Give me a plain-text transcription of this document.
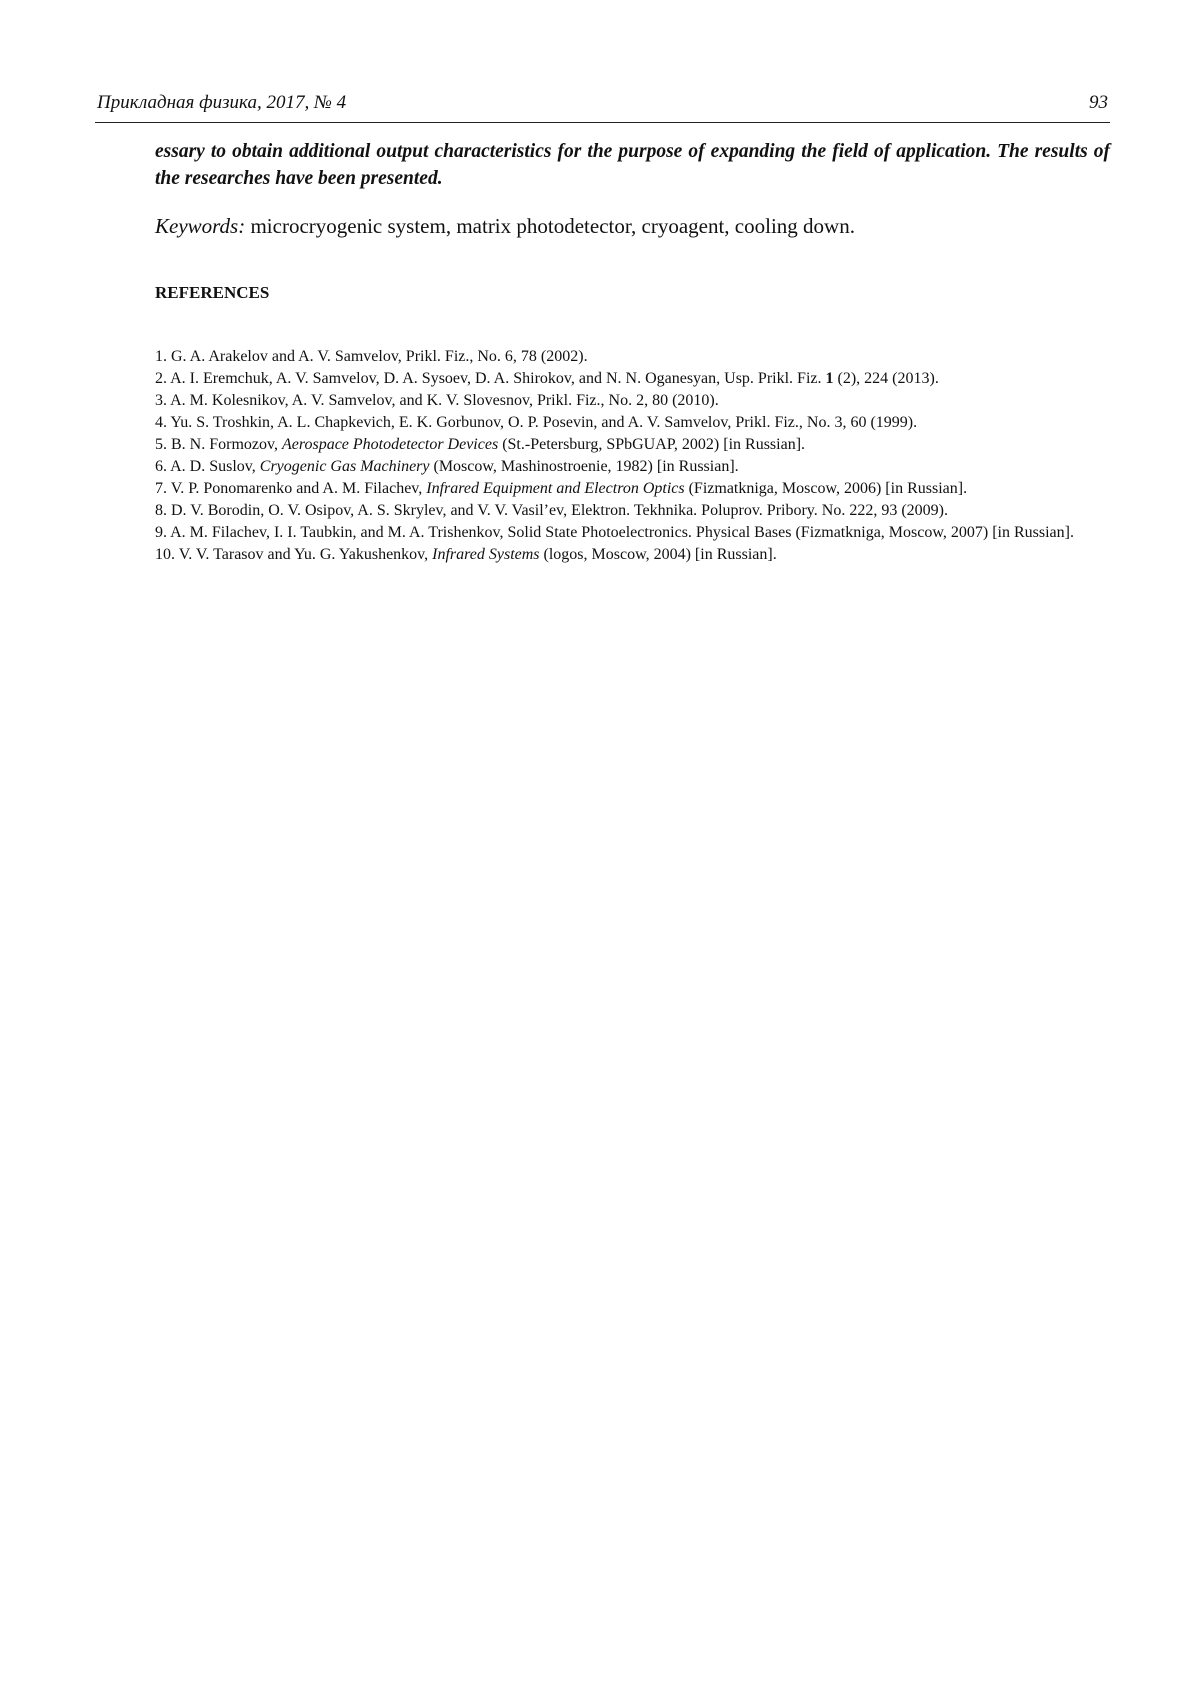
Прикладная физика, 2017, № 4	93

essary to obtain additional output characteristics for the purpose of expanding the field of application. The results of the researches have been presented.

Keywords: microcryogenic system, matrix photodetector, cryoagent, cooling down.

REFERENCES
1. G. A. Arakelov and A. V. Samvelov, Prikl. Fiz., No. 6, 78 (2002).
2. A. I. Eremchuk, A. V. Samvelov, D. A. Sysoev, D. A. Shirokov, and N. N. Oganesyan, Usp. Prikl. Fiz. 1 (2), 224 (2013).
3. A. M. Kolesnikov, A. V. Samvelov, and K. V. Slovesnov, Prikl. Fiz., No. 2, 80 (2010).
4. Yu. S. Troshkin, A. L. Chapkevich, E. K. Gorbunov, O. P. Posevin, and A. V. Samvelov, Prikl. Fiz., No. 3, 60 (1999).
5. B. N. Formozov, Aerospace Photodetector Devices (St.-Petersburg, SPbGUAP, 2002) [in Russian].
6. A. D. Suslov, Cryogenic Gas Machinery (Moscow, Mashinostroenie, 1982) [in Russian].
7. V. P. Ponomarenko and A. M. Filachev, Infrared Equipment and Electron Optics (Fizmatkniga, Moscow, 2006) [in Russian].
8. D. V. Borodin, O. V. Osipov, A. S. Skrylev, and V. V. Vasil’ev, Elektron. Tekhnika. Poluprov. Pribory. No. 222, 93 (2009).
9. A. M. Filachev, I. I. Taubkin, and M. A. Trishenkov, Solid State Photoelectronics. Physical Bases (Fizmatkniga, Moscow, 2007) [in Russian].
10. V. V. Tarasov and Yu. G. Yakushenkov, Infrared Systems (logos, Moscow, 2004) [in Russian].
